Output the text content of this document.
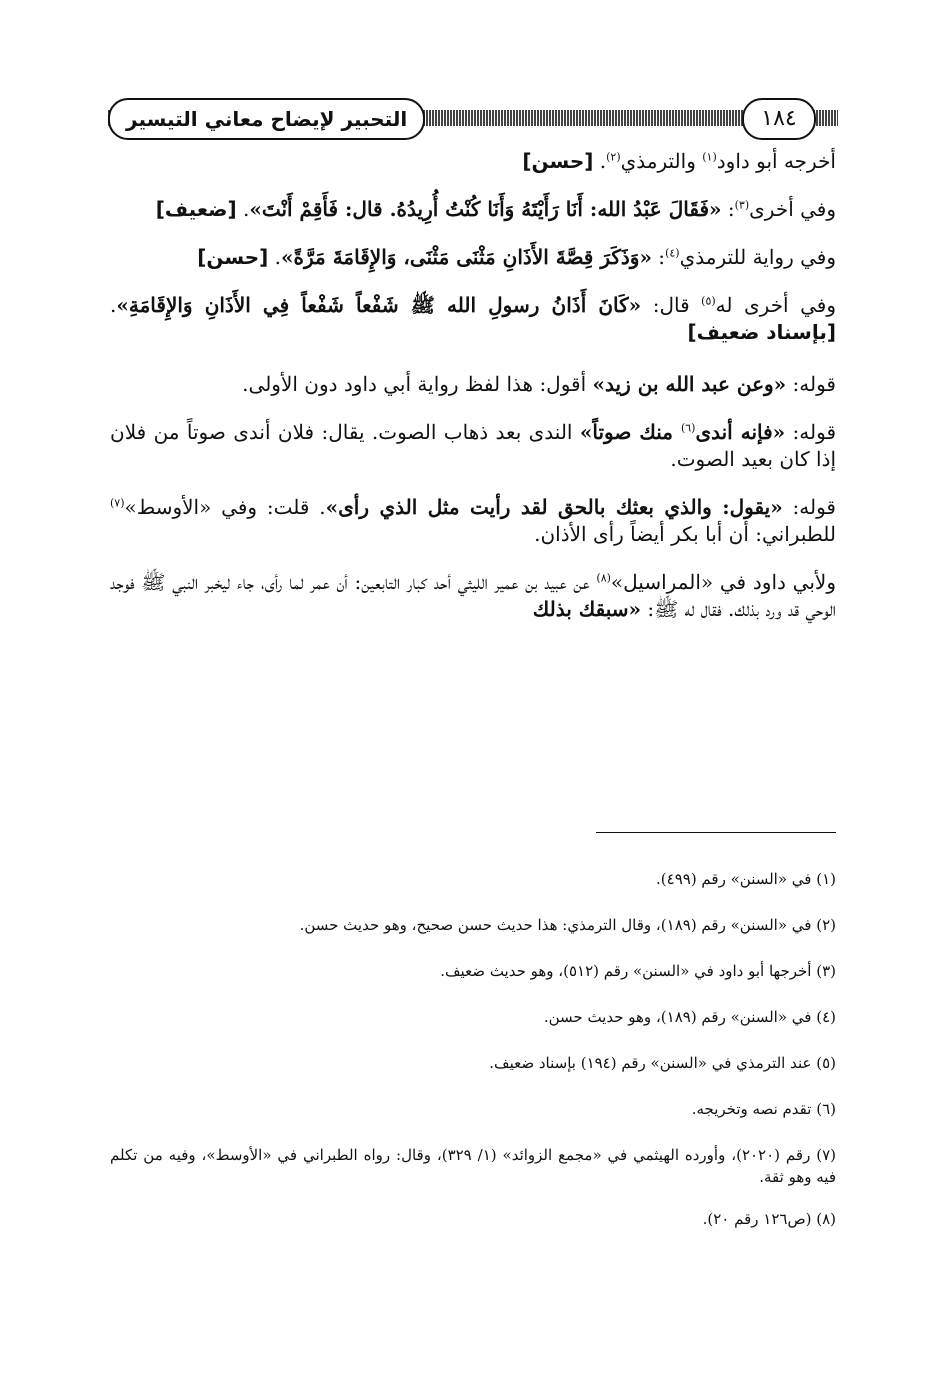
التحبير لإيضاح معاني التيسير	١٨٤

أخرجه أبو داود$^{(١)}$ والترمذي$^{(٢)}$. [حسن]

وفي أخرى$^{(٣)}$: «فَقَالَ عَبْدُ الله: أَنَا رَأَيْتَهُ وَأَنَا كُنْتُ أُرِيدُهُ. قال: فَأَقِمْ أَنْتَ». [ضعيف]

وفي رواية للترمذي$^{(٤)}$: «وَذَكَرَ قِصَّةَ الأَذَانِ مَثْنَى مَثْنَى، وَالإِقَامَةَ مَرَّةً». [حسن]

وفي أخرى له$^{(٥)}$ قال: «كَانَ أَذَانُ رسولِ الله ﷺ شَفْعاً شَفْعاً فِي الأَذَانِ وَالإِقَامَةِ». [بإسناد ضعيف]

قوله: «وعن عبد الله بن زيد» أقول: هذا لفظ رواية أبي داود دون الأولى.

قوله: «فإنه أندى$^{(٦)}$ منك صوتاً» الندى بعد ذهاب الصوت. يقال: فلان أندى صوتاً من فلان إذا كان بعيد الصوت.

قوله: «يقول: والذي بعثك بالحق لقد رأيت مثل الذي رأى». قلت: وفي «الأوسط»$^{(٧)}$ للطبراني: أن أبا بكر أيضاً رأى الأذان.

ولأبي داود في «المراسيل»$^{(٨)}$ عن عبيد بن عمير الليثي أحد كبار التابعين: أن عمر لما رأى، جاء ليخبر النبي ﷺ فوجد الوحي قد ورد بذلك. فقال له ﷺ: «سبقك بذلك

(١) في «السنن» رقم (٤٩٩).

(٢) في «السنن» رقم (١٨٩)، وقال الترمذي: هذا حديث حسن صحيح، وهو حديث حسن.

(٣) أخرجها أبو داود في «السنن» رقم (٥١٢)، وهو حديث ضعيف.

(٤) في «السنن» رقم (١٨٩)، وهو حديث حسن.

(٥) عند الترمذي في «السنن» رقم (١٩٤) بإسناد ضعيف.

(٦) تقدم نصه وتخريجه.

(٧) رقم (٢٠٢٠)، وأورده الهيثمي في «مجمع الزوائد» (١/ ٣٢٩)، وقال: رواه الطبراني في «الأوسط»، وفيه من تكلم فيه وهو ثقة.

(٨) (ص١٢٦ رقم ٢٠).
